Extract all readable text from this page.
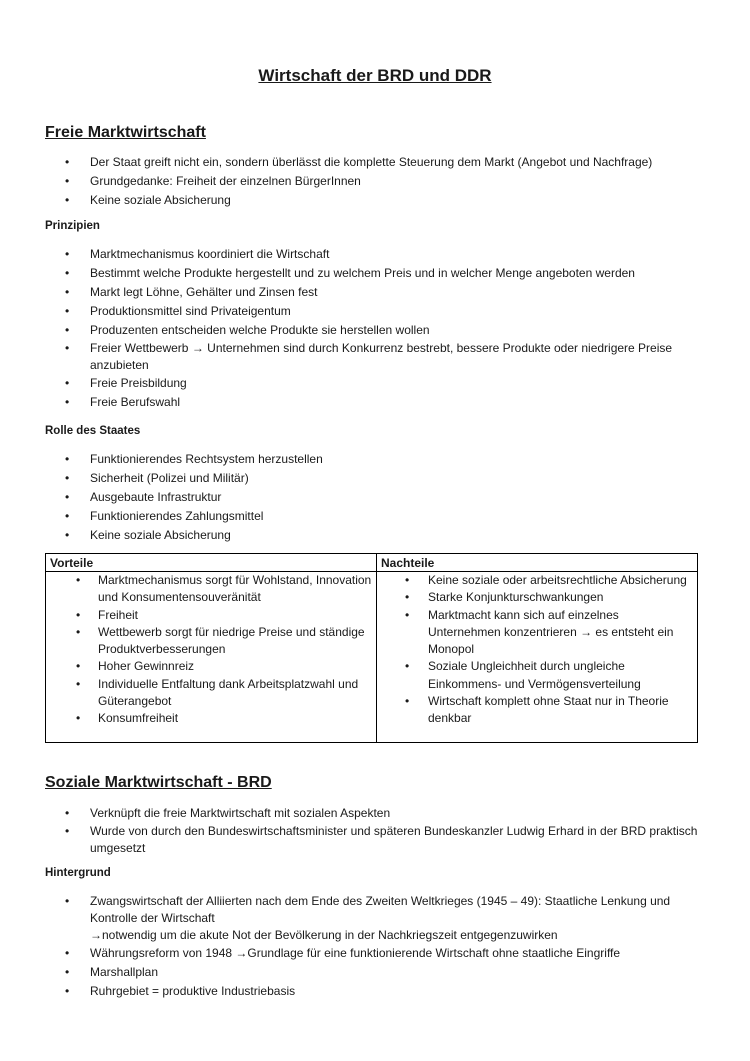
Wirtschaft der BRD und DDR
Freie Marktwirtschaft
• Der Staat greift nicht ein, sondern überlässt die komplette Steuerung dem Markt (Angebot und Nachfrage)
• Grundgedanke: Freiheit der einzelnen BürgerInnen
• Keine soziale Absicherung
Prinzipien
• Marktmechanismus koordiniert die Wirtschaft
• Bestimmt welche Produkte hergestellt und zu welchem Preis und in welcher Menge angeboten werden
• Markt legt Löhne, Gehälter und Zinsen fest
• Produktionsmittel sind Privateigentum
• Produzenten entscheiden welche Produkte sie herstellen wollen
• Freier Wettbewerb → Unternehmen sind durch Konkurrenz bestrebt, bessere Produkte oder niedrigere Preise anzubieten
• Freie Preisbildung
• Freie Berufswahl
Rolle des Staates
• Funktionierendes Rechtsystem herzustellen
• Sicherheit (Polizei und Militär)
• Ausgebaute Infrastruktur
• Funktionierendes Zahlungsmittel
• Keine soziale Absicherung
Vorteile
• Marktmechanismus sorgt für Wohlstand, Innovation und Konsumentensouveränität
• Freiheit
• Wettbewerb sorgt für niedrige Preise und ständige Produktverbesserungen
• Hoher Gewinnreiz
• Individuelle Entfaltung dank Arbeitsplatzwahl und Güterangebot
• Konsumfreiheit
Nachteile
• Keine soziale oder arbeitsrechtliche Absicherung
• Starke Konjunkturschwankungen
• Marktmacht kann sich auf einzelnes Unternehmen konzentrieren → es entsteht ein Monopol
• Soziale Ungleichheit durch ungleiche Einkommens- und Vermögensverteilung
• Wirtschaft komplett ohne Staat nur in Theorie denkbar
Soziale Marktwirtschaft - BRD
• Verknüpft die freie Marktwirtschaft mit sozialen Aspekten
• Wurde von durch den Bundeswirtschaftsminister und späteren Bundeskanzler Ludwig Erhard in der BRD praktisch umgesetzt
Hintergrund
• Zwangswirtschaft der Alliierten nach dem Ende des Zweiten Weltkrieges (1945 – 49): Staatliche Lenkung und Kontrolle der Wirtschaft
→notwendig um die akute Not der Bevölkerung in der Nachkriegszeit entgegenzuwirken
• Währungsreform von 1948 →Grundlage für eine funktionierende Wirtschaft ohne staatliche Eingriffe
• Marshallplan
• Ruhrgebiet = produktive Industriebasis
